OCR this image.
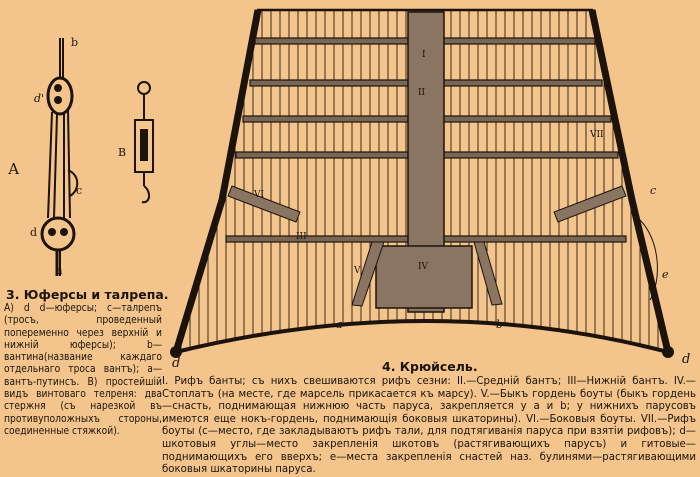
b
d'
А
В
c
d
a
3. Юферсы и талрепа.
А) d d—юферсы; c—талрепъ (тросъ, проведенный попеременно через верхній и нижній юферсы); b—вантина(название каждаго отдельнаго троса вантъ); a—вантъ-путинсъ. В) простейшій видъ винтоваго телреня: два стержня (съ нарезкой въ противуположныхъ стороны, соединенные стяжкой).
I
II
III
IV
V
VI
VII
a	b
c
d	d
e
4. Крюйсель.
I. Рифъ банты; съ нихъ свешиваются рифъ сезни: II.—Средній бантъ; III—Нижній бантъ. IV.—Стоплатъ (на месте, где марсель прикасается къ марсу). V.—Быкъ гордень боуты (быкъ гордень—снасть, поднимающая нижнюю часть паруса, закрепляется у a и b; у нижнихъ парусовъ имеются еще нокъ-гордень, поднимающія боковыя шкаторины). VI.—Боковыя боуты. VII.—Рифъ боуты (c—место, где закладываютъ рифъ тали, для подтягиванія паруса при взятіи рифовъ); d—шкотовыя углы—место закрепленія шкотовъ (растягивающихъ парусъ) и гитовые—поднимающихъ его вверхъ; e—места закрепленія снастей наз. булинями—растягивающими боковыя шкаторины паруса.
